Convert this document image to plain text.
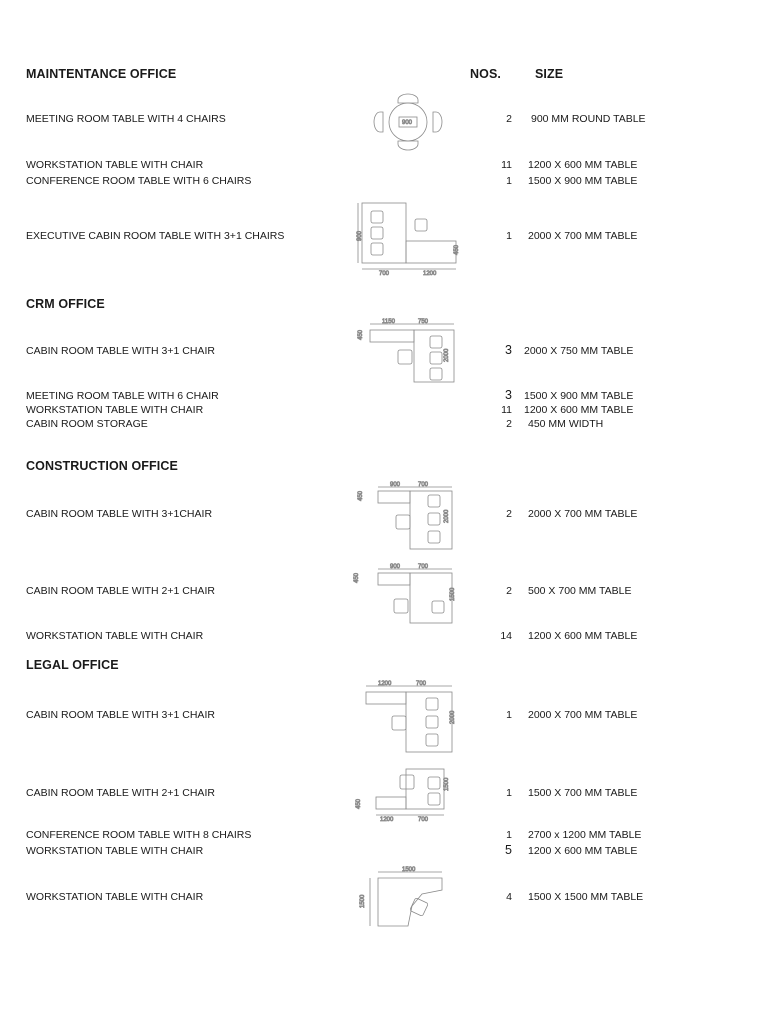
MAINTENTANCE OFFICE	NOS.	SIZE
MEETING ROOM TABLE WITH 4 CHAIRS	2 900 MM ROUND TABLE
WORKSTATION TABLE WITH CHAIR	11 1200 X 600 MM TABLE
CONFERENCE ROOM TABLE WITH 6 CHAIRS	1 1500 X 900 MM TABLE
EXECUTIVE CABIN ROOM TABLE WITH 3+1 CHAIRS	1 2000 X 700 MM TABLE
CRM OFFICE
CABIN ROOM TABLE WITH 3+1 CHAIR	3 2000 X 750 MM TABLE
MEETING ROOM TABLE WITH 6 CHAIR	3 1500 X 900 MM TABLE
WORKSTATION TABLE WITH CHAIR	11 1200 X 600 MM TABLE
CABIN ROOM STORAGE	2 450 MM WIDTH
CONSTRUCTION OFFICE
CABIN ROOM TABLE WITH 3+1CHAIR	2 2000 X 700 MM TABLE
CABIN ROOM TABLE WITH 2+1 CHAIR	2 500 X 700 MM TABLE
WORKSTATION TABLE WITH CHAIR	14 1200 X 600 MM TABLE
LEGAL OFFICE
CABIN ROOM TABLE WITH 3+1 CHAIR	1 2000 X 700 MM TABLE
CABIN ROOM TABLE WITH 2+1 CHAIR	1 1500 X 700 MM TABLE
CONFERENCE ROOM TABLE WITH 8 CHAIRS	1 2700 x 1200 MM TABLE
WORKSTATION TABLE WITH CHAIR	5 1200 X 600 MM TABLE
WORKSTATION TABLE WITH CHAIR	4 1500 X 1500 MM TABLE
900
900
700	1200
450
1150	750
450
2000
900	700
450
2000
900	700
450
1500
1200	700
2000
1200	700
450
1500
1500
1500
